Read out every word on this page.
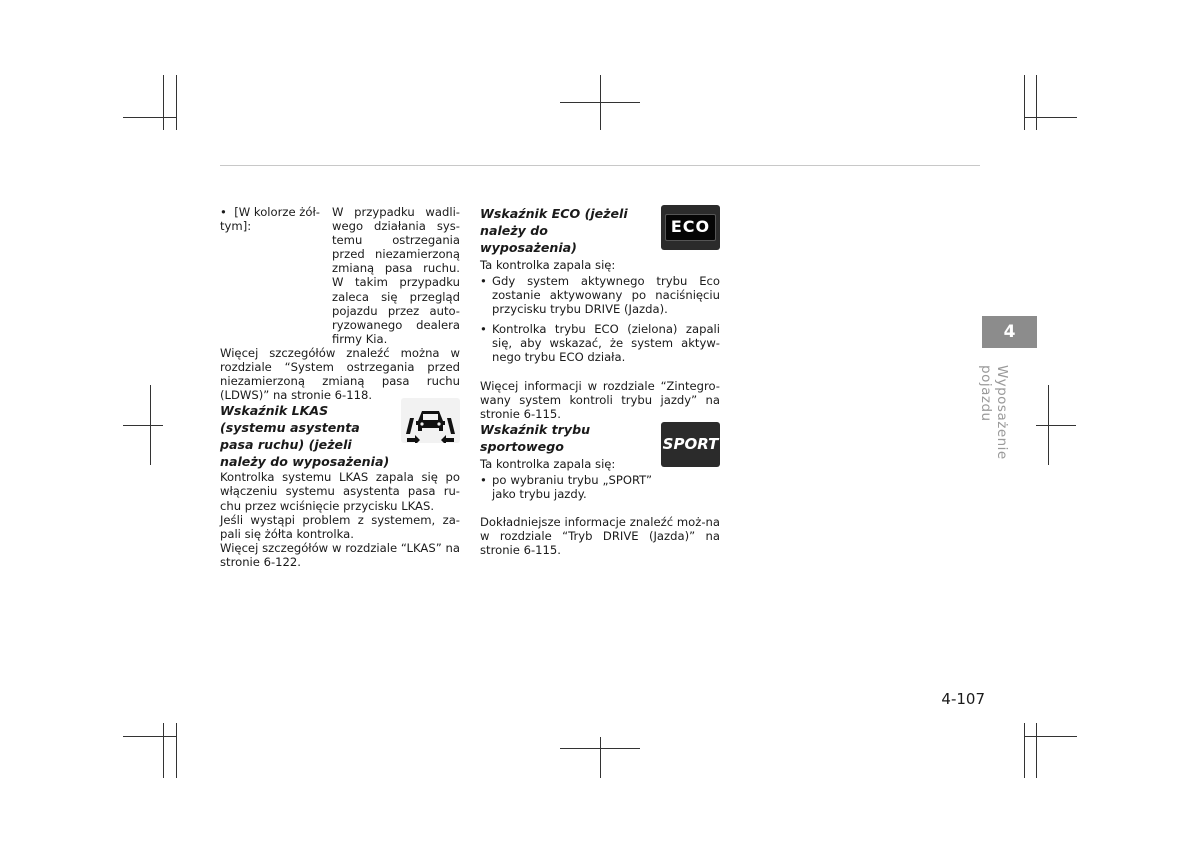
• [W kolorze żół-tym]:
W przypadku wadli-wego działania sys-temu ostrzegania przed niezamierzoną zmianą pasa ruchu. W takim przypadku zaleca się przegląd pojazdu przez auto-ryzowanego dealera firmy Kia.

Więcej szczegółów znaleźć można w rozdziale “System ostrzegania przed niezamierzoną zmianą pasa ruchu (LDWS)” na stronie 6-118.

Wskaźnik LKAS (systemu asystenta pasa ruchu) (jeżeli należy do wyposażenia)

Kontrolka systemu LKAS zapala się po włączeniu systemu asystenta pasa ru-chu przez wciśnięcie przycisku LKAS.

Jeśli wystąpi problem z systemem, za-pali się żółta kontrolka.

Więcej szczegółów w rozdziale “LKAS” na stronie 6-122.

Wskaźnik ECO (jeżeli należy do wyposażenia)
ECO
Ta kontrolka zapala się:
• Gdy system aktywnego trybu Eco zostanie aktywowany po naciśnięciu przycisku trybu DRIVE (Jazda).
• Kontrolka trybu ECO (zielona) zapali się, aby wskazać, że system aktyw-nego trybu ECO działa.

Więcej informacji w rozdziale “Zintegro-wany system kontroli trybu jazdy” na stronie 6-115.

Wskaźnik trybu sportowego	SPORT
Ta kontrolka zapala się:
• po wybraniu trybu „SPORT” jako trybu jazdy.

Dokładniejsze informacje znaleźć moż-na w rozdziale “Tryb DRIVE (Jazda)” na stronie 6-115.

4
Wyposażenie pojazdu
4-107
